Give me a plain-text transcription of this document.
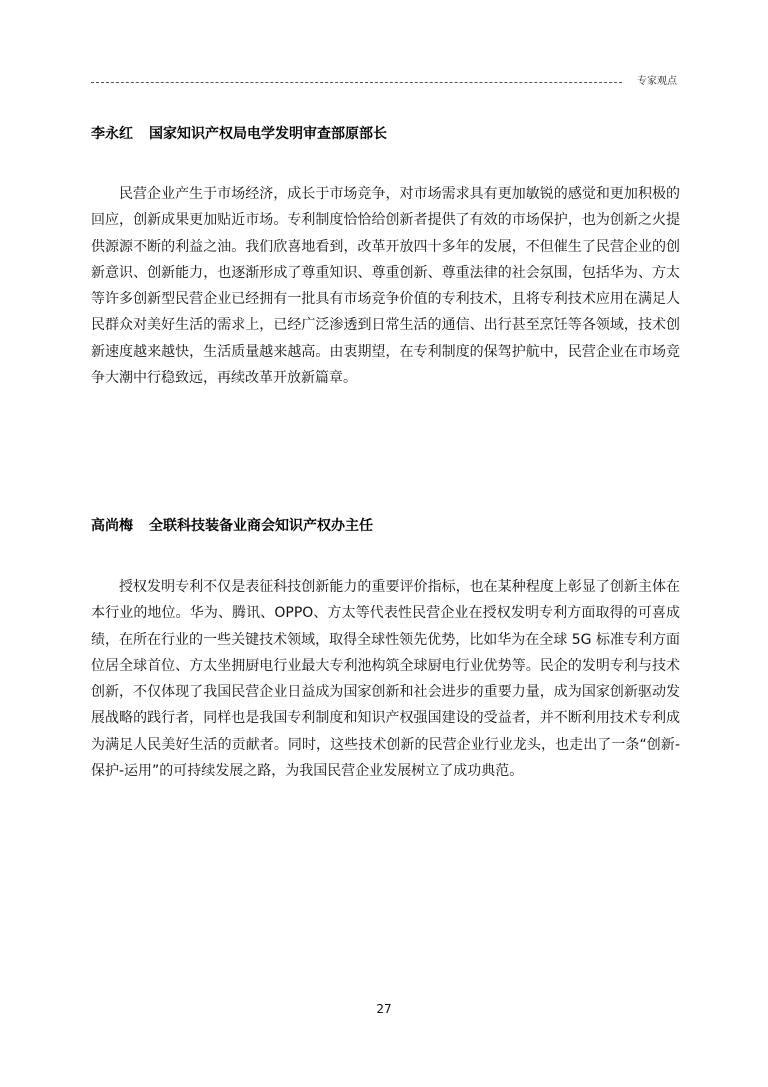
专家观点
李永红 国家知识产权局电学发明审查部原部长

民营企业产生于市场经济，成长于市场竞争，对市场需求具有更加敏锐的感觉和更加积极的回应，创新成果更加贴近市场。专利制度恰恰给创新者提供了有效的市场保护，也为创新之火提供源源不断的利益之油。我们欣喜地看到，改革开放四十多年的发展，不但催生了民营企业的创新意识、创新能力，也逐渐形成了尊重知识、尊重创新、尊重法律的社会氛围，包括华为、方太等许多创新型民营企业已经拥有一批具有市场竞争价值的专利技术，且将专利技术应用在满足人民群众对美好生活的需求上，已经广泛渗透到日常生活的通信、出行甚至烹饪等各领域，技术创新速度越来越快，生活质量越来越高。由衷期望，在专利制度的保驾护航中，民营企业在市场竞争大潮中行稳致远，再续改革开放新篇章。

高尚梅 全联科技装备业商会知识产权办主任

授权发明专利不仅是表征科技创新能力的重要评价指标，也在某种程度上彰显了创新主体在本行业的地位。华为、腾讯、OPPO、方太等代表性民营企业在授权发明专利方面取得的可喜成绩，在所在行业的一些关键技术领域，取得全球性领先优势，比如华为在全球 5G 标准专利方面位居全球首位、方太坐拥厨电行业最大专利池构筑全球厨电行业优势等。民企的发明专利与技术创新，不仅体现了我国民营企业日益成为国家创新和社会进步的重要力量，成为国家创新驱动发展战略的践行者，同样也是我国专利制度和知识产权强国建设的受益者，并不断利用技术专利成为满足人民美好生活的贡献者。同时，这些技术创新的民营企业行业龙头，也走出了一条“创新-保护-运用”的可持续发展之路，为我国民营企业发展树立了成功典范。

27
